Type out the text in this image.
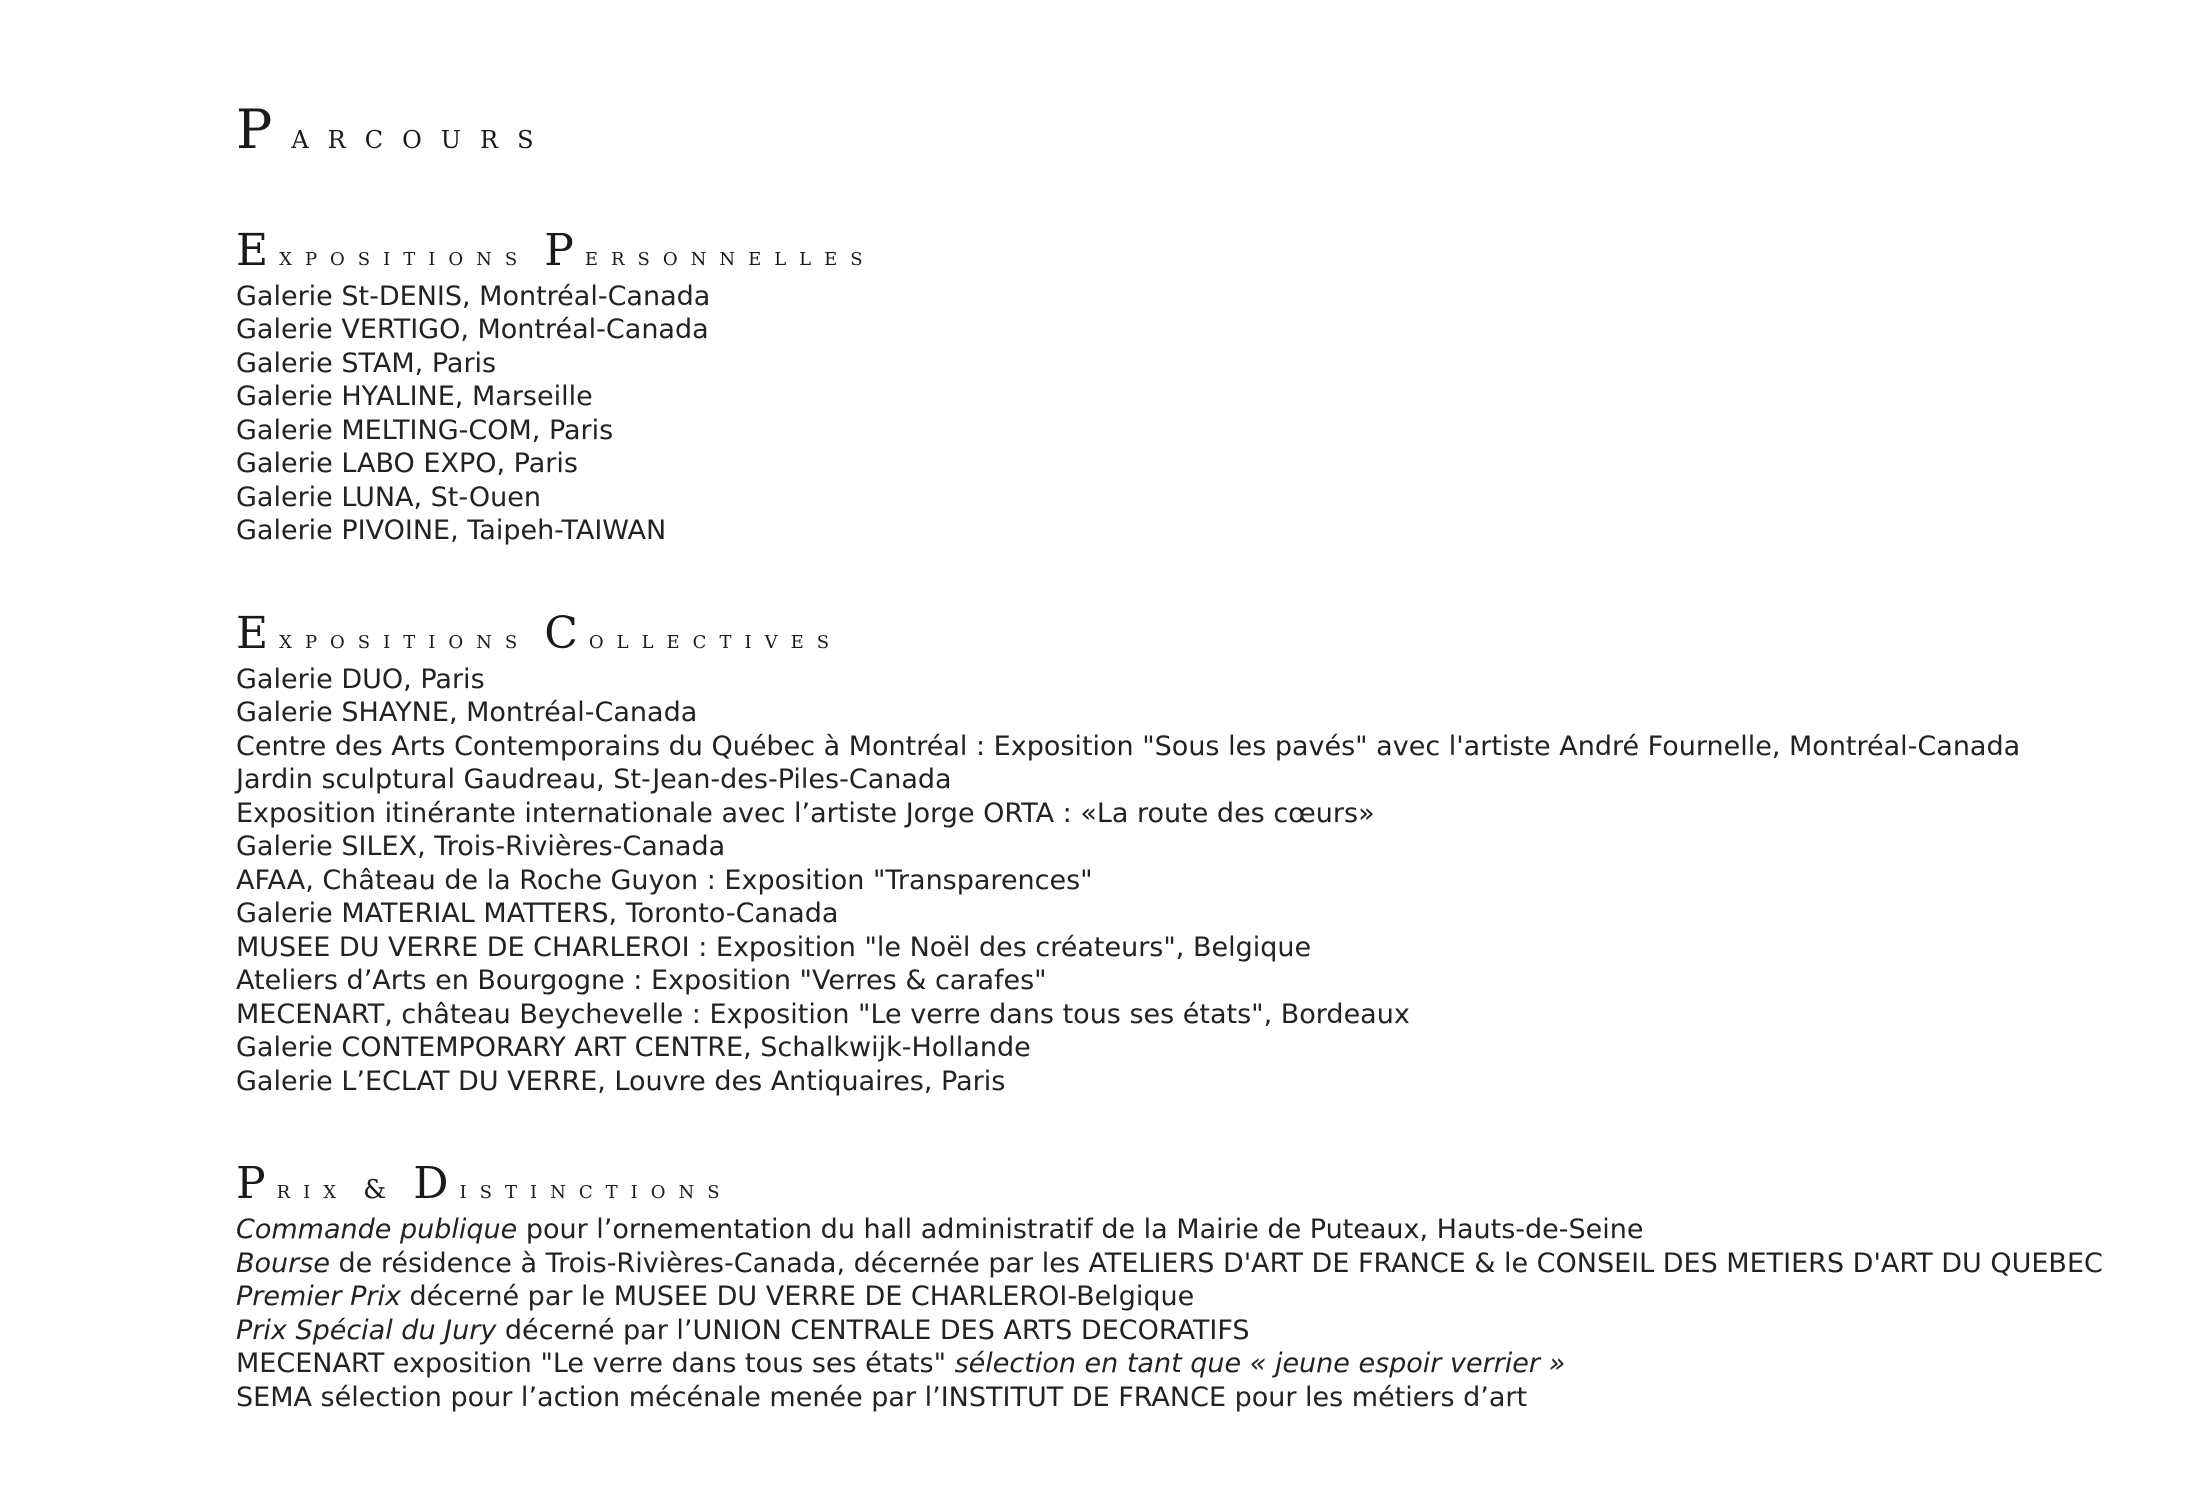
Parcours
Expositions Personnelles
Galerie St-DENIS, Montréal-Canada
Galerie VERTIGO, Montréal-Canada
Galerie STAM, Paris
Galerie HYALINE, Marseille
Galerie MELTING-COM, Paris
Galerie LABO EXPO, Paris
Galerie LUNA, St-Ouen
Galerie PIVOINE, Taipeh-TAIWAN
Expositions Collectives
Galerie DUO, Paris
Galerie SHAYNE, Montréal-Canada
Centre des Arts Contemporains du Québec à Montréal : Exposition "Sous les pavés" avec l'artiste André Fournelle, Montréal-Canada
Jardin sculptural Gaudreau, St-Jean-des-Piles-Canada
Exposition itinérante internationale avec l’artiste Jorge ORTA : «La route des cœurs»
Galerie SILEX, Trois-Rivières-Canada
AFAA, Château de la Roche Guyon : Exposition "Transparences"
Galerie MATERIAL MATTERS, Toronto-Canada
MUSEE DU VERRE DE CHARLEROI : Exposition "le Noël des créateurs", Belgique
Ateliers d’Arts en Bourgogne : Exposition "Verres & carafes"
MECENART, château Beychevelle : Exposition "Le verre dans tous ses états", Bordeaux
Galerie CONTEMPORARY ART CENTRE, Schalkwijk-Hollande
Galerie L’ECLAT DU VERRE, Louvre des Antiquaires, Paris
Prix & Distinctions
Commande publique pour l’ornementation du hall administratif de la Mairie de Puteaux, Hauts-de-Seine
Bourse de résidence à Trois-Rivières-Canada, décernée par les ATELIERS D'ART DE FRANCE & le CONSEIL DES METIERS D'ART DU QUEBEC
Premier Prix décerné par le MUSEE DU VERRE DE CHARLEROI-Belgique
Prix Spécial du Jury décerné par l’UNION CENTRALE DES ARTS DECORATIFS
MECENART exposition "Le verre dans tous ses états" sélection en tant que « jeune espoir verrier »
SEMA sélection pour l’action mécénale menée par l’INSTITUT DE FRANCE pour les métiers d’art
